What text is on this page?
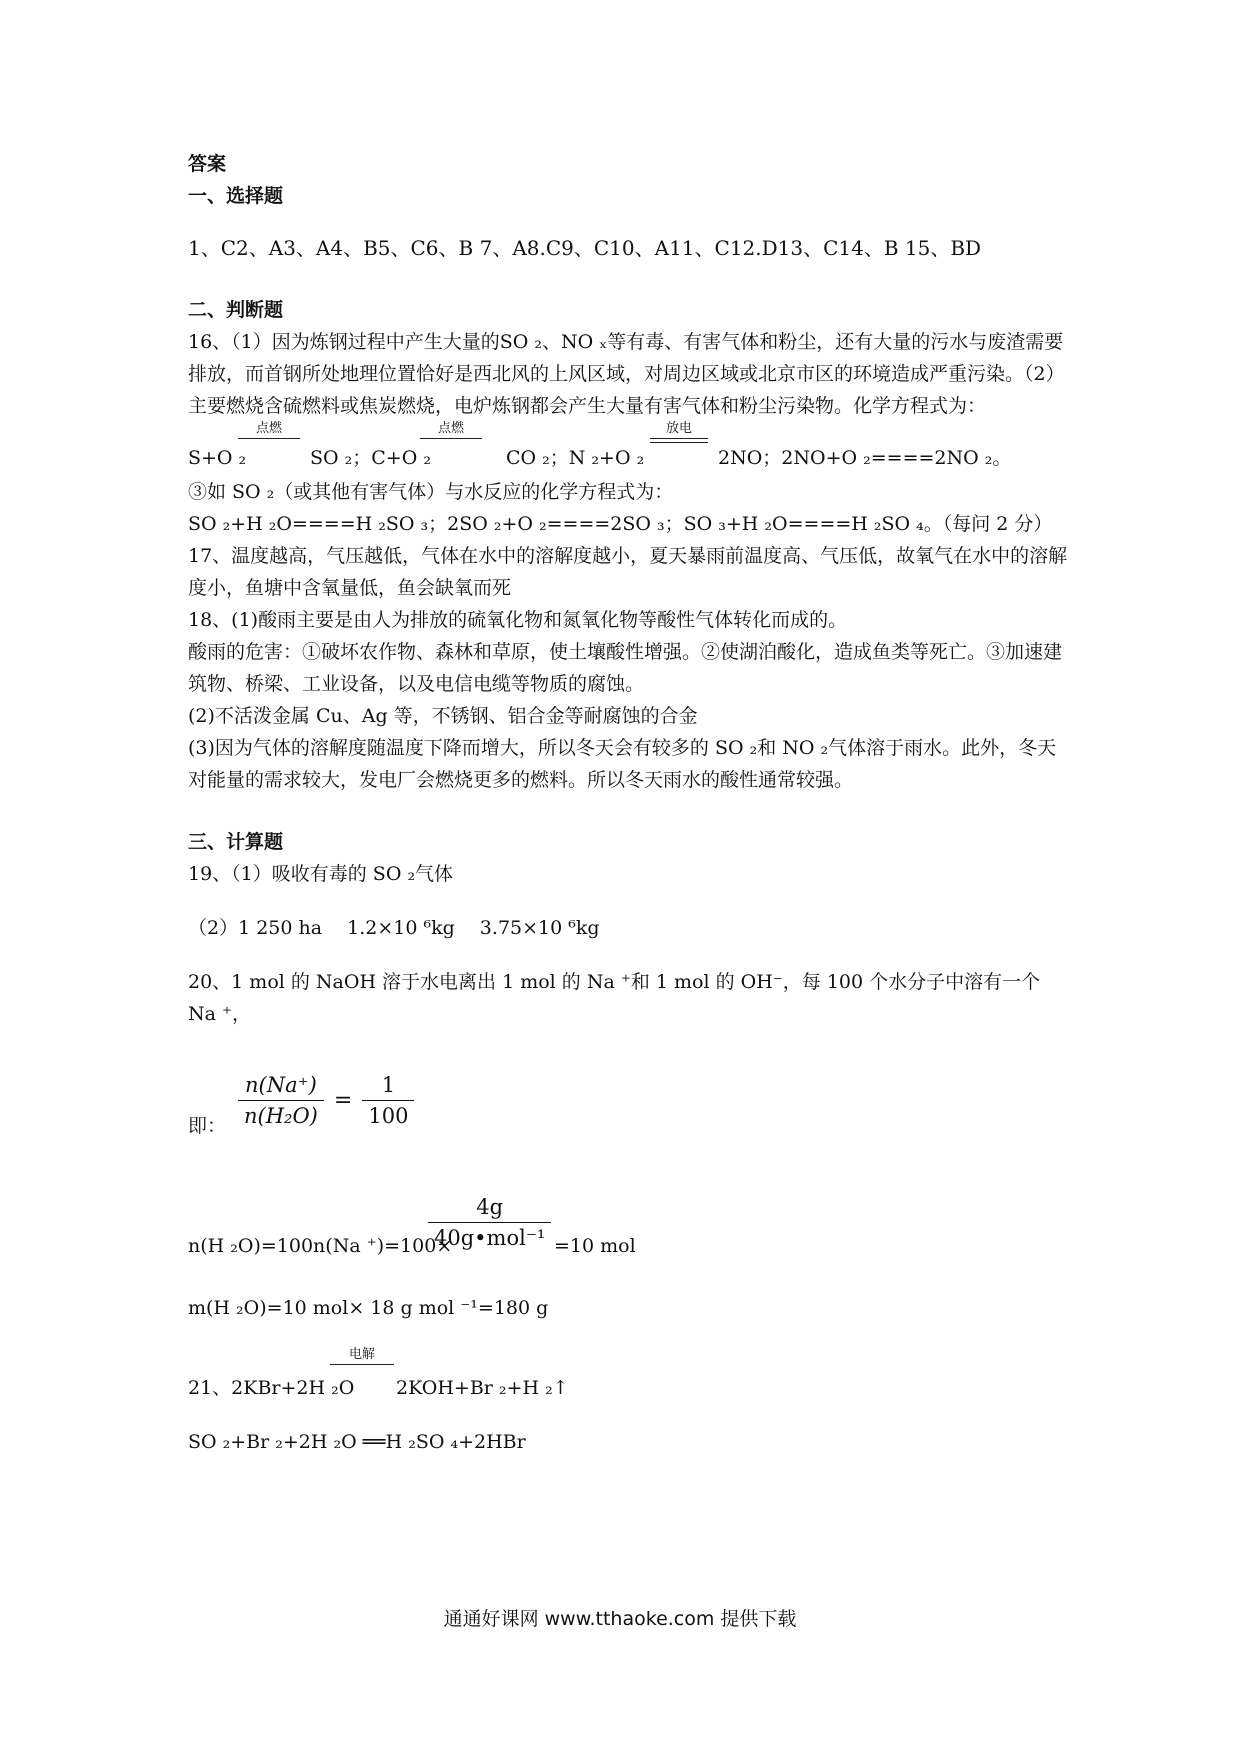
答案

一、选择题

1、C2、A3、A4、B5、C6、B 7、A8.C9、C10、A11、C12.D13、C14、B 15、BD

二、判断题

16、（1）因为炼钢过程中产生大量的SO ₂、NO ₓ等有毒、有害气体和粉尘，还有大量的污水与废渣需要排放，而首钢所处地理位置恰好是西北风的上风区域，对周边区域或北京市区的环境造成严重污染。（2）主要燃烧含硫燃料或焦炭燃烧，电炉炼钢都会产生大量有害气体和粉尘污染物。化学方程式为：

S+O ₂
点燃
SO ₂；C+O ₂
点燃
CO ₂；N ₂+O ₂
放电
2NO；2NO+O ₂====2NO ₂。

③如 SO ₂（或其他有害气体）与水反应的化学方程式为：

SO ₂+H ₂O====H ₂SO ₃；2SO ₂+O ₂====2SO ₃；SO ₃+H ₂O====H ₂SO ₄。（每问 2 分）

17、温度越高，气压越低，气体在水中的溶解度越小，夏天暴雨前温度高、气压低，故氧气在水中的溶解度小，鱼塘中含氧量低，鱼会缺氧而死

18、(1)酸雨主要是由人为排放的硫氧化物和氮氧化物等酸性气体转化而成的。

酸雨的危害：①破坏农作物、森林和草原，使土壤酸性增强。②使湖泊酸化，造成鱼类等死亡。③加速建筑物、桥梁、工业设备，以及电信电缆等物质的腐蚀。

(2)不活泼金属 Cu、Ag 等，不锈钢、铝合金等耐腐蚀的合金

(3)因为气体的溶解度随温度下降而增大，所以冬天会有较多的 SO ₂和 NO ₂气体溶于雨水。此外，冬天对能量的需求较大，发电厂会燃烧更多的燃料。所以冬天雨水的酸性通常较强。

三、计算题

19、（1）吸收有毒的 SO ₂气体

（2）1 250 ha　 1.2×10 ⁶kg　 3.75×10 ⁶kg

20、1 mol 的 NaOH 溶于水电离出 1 mol 的 Na ⁺和 1 mol 的 OH⁻，每 100 个水分子中溶有一个 Na ⁺，

即： $\frac{n(Na^+)}{\text{n(H₂O)}} = \frac{1}{100}$
n(H ₂O)=100n(Na ⁺)=100×
$\frac{4g}{\text{40g•mol⁻¹}} =10$ mol

m(H ₂O)=10 mol× 18 g mol ⁻¹=180 g

21、2KBr+2H ₂O
电解
2KOH+Br ₂+H ₂↑

SO ₂+Br ₂+2H ₂O ══H ₂SO ₄+2HBr

通通好课网 www.tthaoke.com 提供下载
